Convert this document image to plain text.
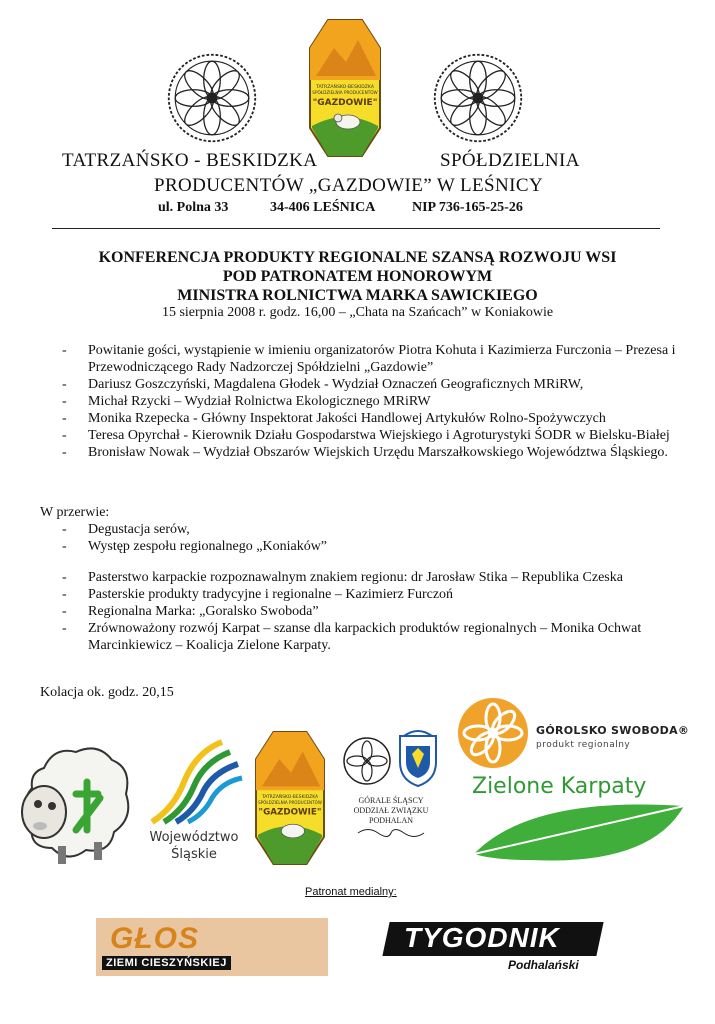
TATRZAŃSKO-BESKIDZKA
SPÓŁDZIELNIA PRODUCENTÓW
"GAZDOWIE"
TATRZAŃSKO - BESKIDZKA	SPÓŁDZIELNIA
PRODUCENTÓW „GAZDOWIE” W LEŚNICY
ul. Polna 33	34-406 LEŚNICA	NIP 736-165-25-26
KONFERENCJA PRODUKTY REGIONALNE SZANSĄ ROZWOJU WSI
POD PATRONATEM HONOROWYM
MINISTRA ROLNICTWA MARKA SAWICKIEGO
15 sierpnia 2008 r. godz. 16,00 – „Chata na Szańcach” w Koniakowie
- Powitanie gości, wystąpienie w imieniu organizatorów Piotra Kohuta i Kazimierza Furczonia – Prezesa i Przewodniczącego Rady Nadzorczej Spółdzielni „Gazdowie”
- Dariusz Goszczyński, Magdalena Głodek - Wydział Oznaczeń Geograficznych MRiRW,
- Michał Rzycki – Wydział Rolnictwa Ekologicznego MRiRW
- Monika Rzepecka - Główny Inspektorat Jakości Handlowej Artykułów Rolno-Spożywczych
- Teresa Opyrchał - Kierownik Działu Gospodarstwa Wiejskiego i Agroturystyki ŚODR w Bielsku-Białej
- Bronisław Nowak – Wydział Obszarów Wiejskich Urzędu Marszałkowskiego Województwa Śląskiego.
W przerwie:
- Degustacja serów,
- Występ zespołu regionalnego „Koniaków”
- Pasterstwo karpackie rozpoznawalnym znakiem regionu: dr Jarosław Stika – Republika Czeska
- Pasterskie produkty tradycyjne i regionalne – Kazimierz Furczoń
- Regionalna Marka: „Goralsko Swoboda”
- Zrównoważony rozwój Karpat – szanse dla karpackich produktów regionalnych – Monika Ochwat Marcinkiewicz – Koalicja Zielone Karpaty.
Kolacja ok. godz. 20,15
Województwo
Śląskie
TATRZAŃSKO-BESKIDZKA
SPÓŁDZIELNIA PRODUCENTÓW
"GAZDOWIE"
GÓRALE ŚLĄSCY
ODDZIAŁ ZWIĄZKU
PODHALAN
GÓROLSKO SWOBODA®
produkt regionalny
Zielone Karpaty
Patronat medialny:
GŁOS
ZIEMI CIESZYŃSKIEJ
TYGODNIK
Podhalański
